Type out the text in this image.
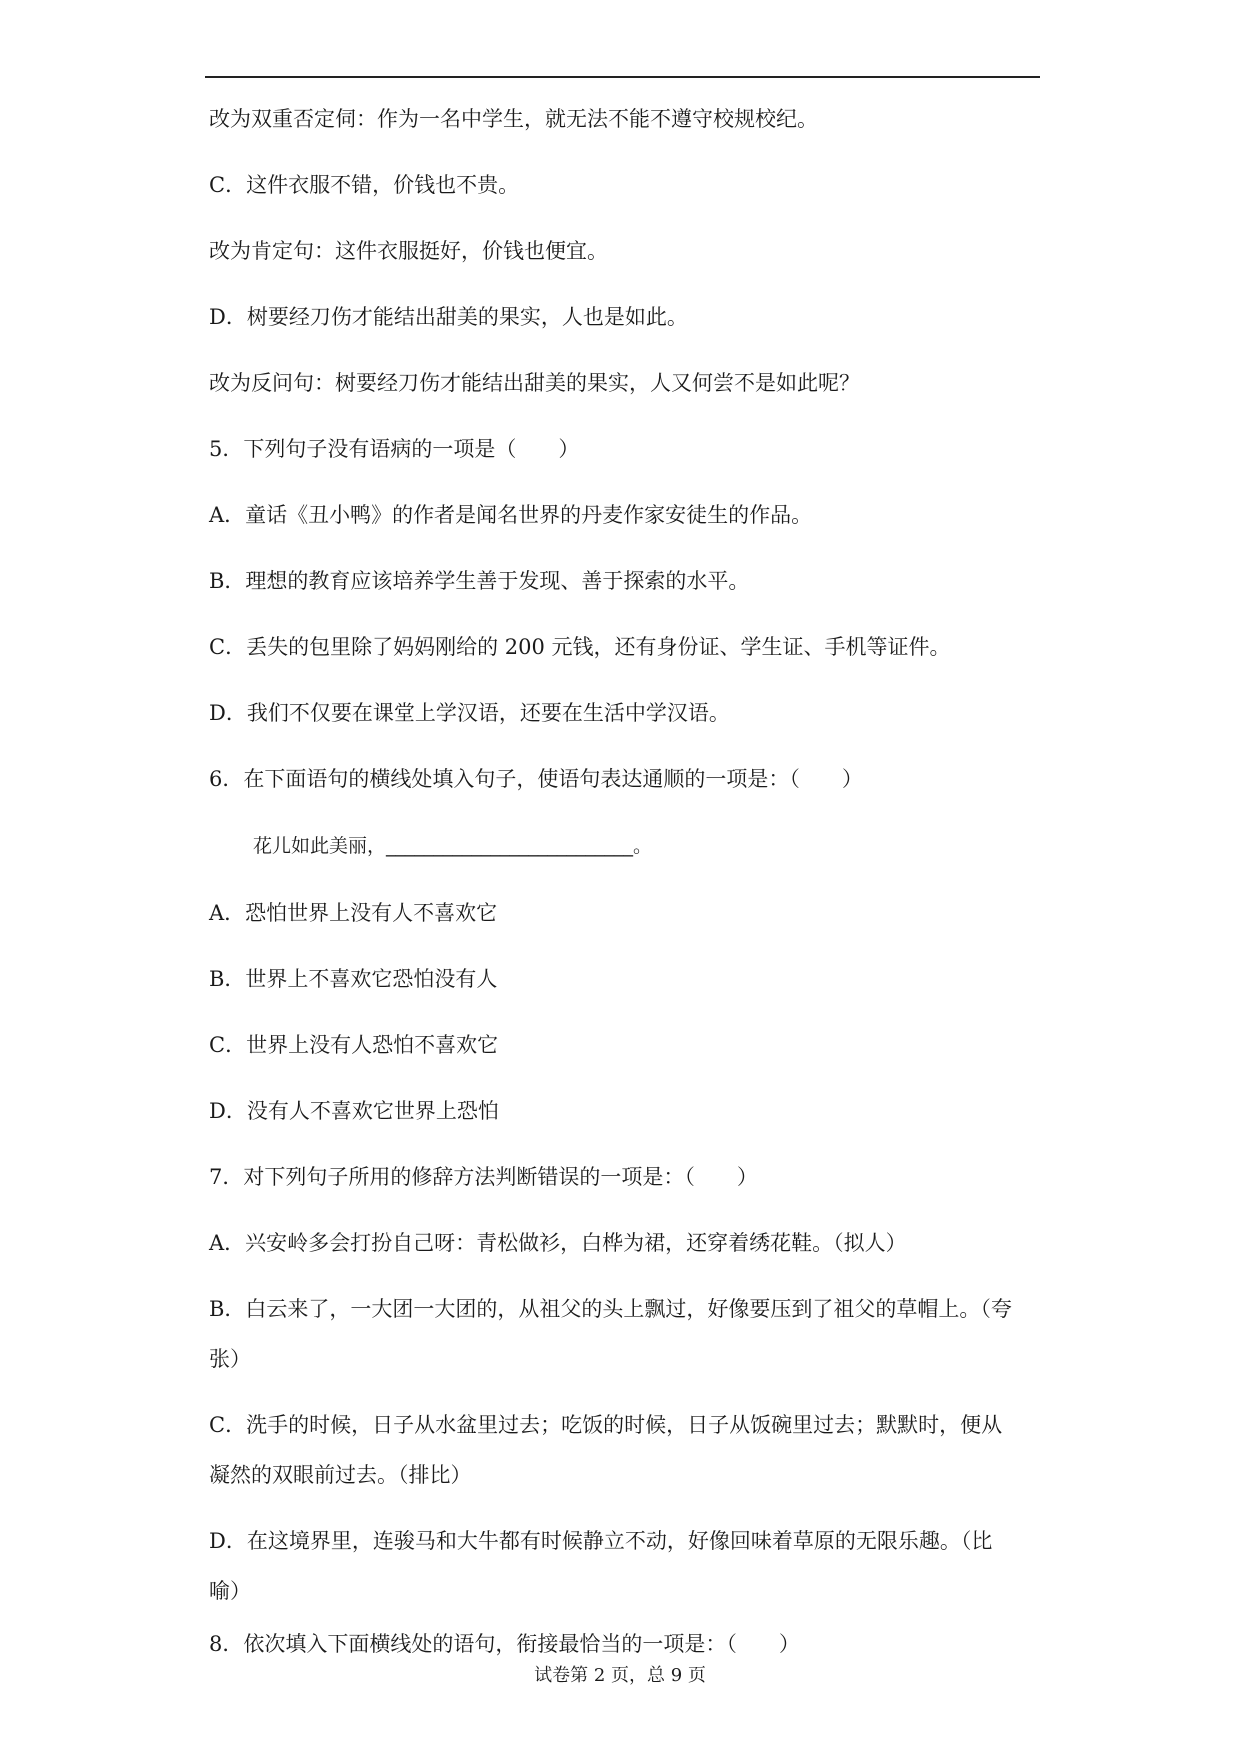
改为双重否定伺：作为一名中学生，就无法不能不遵守校规校纪。
C．这件衣服不错，价钱也不贵。
改为肯定句：这件衣服挺好，价钱也便宜。
D．树要经刀伤才能结出甜美的果实，人也是如此。
改为反问句：树要经刀伤才能结出甜美的果实，人又何尝不是如此呢？
5．下列句子没有语病的一项是（　　）
A．童话《丑小鸭》的作者是闻名世界的丹麦作家安徒生的作品。
B．理想的教育应该培养学生善于发现、善于探索的水平。
C．丢失的包里除了妈妈刚给的 200 元钱，还有身份证、学生证、手机等证件。
D．我们不仅要在课堂上学汉语，还要在生活中学汉语。
6．在下面语句的横线处填入句子，使语句表达通顺的一项是：（　　）
花儿如此美丽，__________________________。
A．恐怕世界上没有人不喜欢它
B．世界上不喜欢它恐怕没有人
C．世界上没有人恐怕不喜欢它
D．没有人不喜欢它世界上恐怕
7．对下列句子所用的修辞方法判断错误的一项是：（　　）
A．兴安岭多会打扮自己呀：青松做衫，白桦为裙，还穿着绣花鞋。（拟人）
B．白云来了，一大团一大团的，从祖父的头上飘过，好像要压到了祖父的草帽上。（夸
张）
C．洗手的时候，日子从水盆里过去；吃饭的时候，日子从饭碗里过去；默默时，便从
凝然的双眼前过去。（排比）
D．在这境界里，连骏马和大牛都有时候静立不动，好像回味着草原的无限乐趣。（比
喻）
8．依次填入下面横线处的语句，衔接最恰当的一项是：（　　）
试卷第 2 页，总 9 页
